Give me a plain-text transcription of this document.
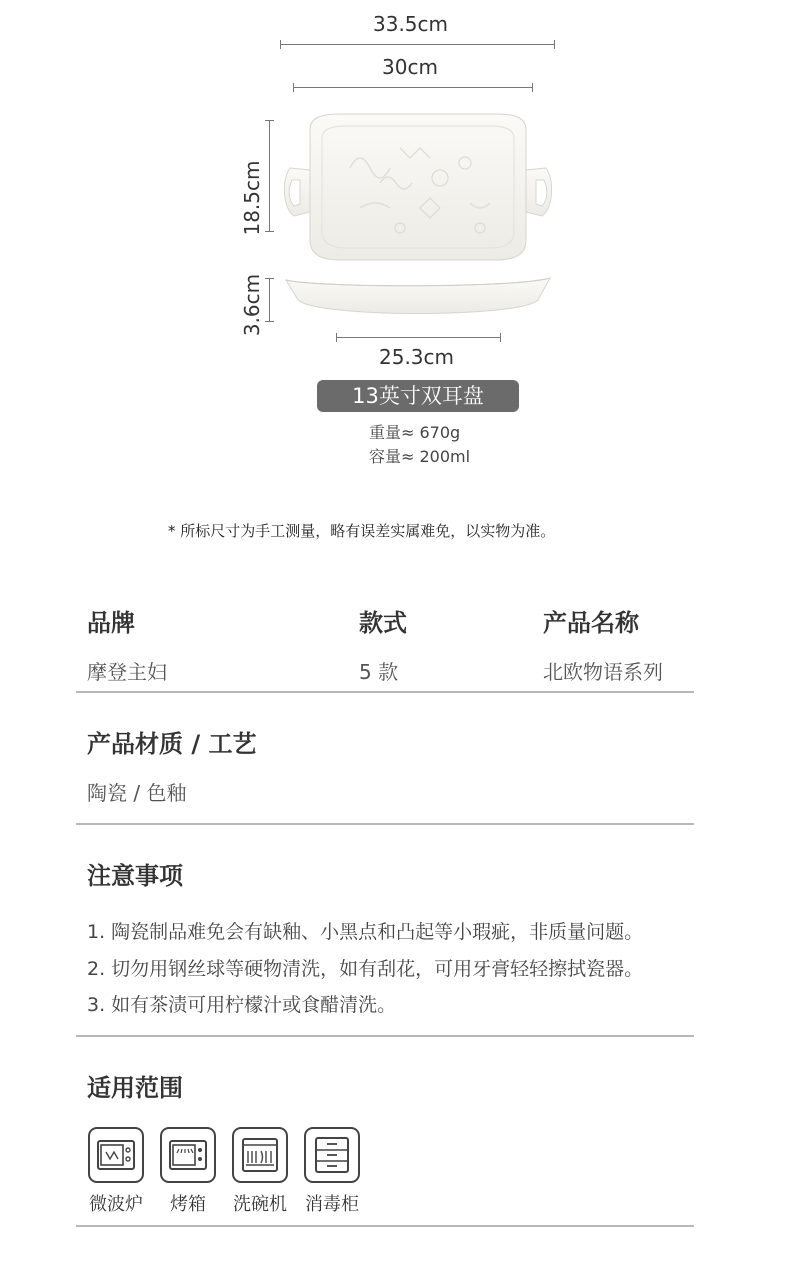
33.5cm
30cm
18.5cm
3.6cm
25.3cm
13英寸双耳盘
重量≈ 670g
容量≈ 200ml
* 所标尺寸为手工测量，略有误差实属难免，以实物为准。
品牌	款式	产品名称
摩登主妇	5 款	北欧物语系列
产品材质 / 工艺
陶瓷 / 色釉
注意事项
1. 陶瓷制品难免会有缺釉、小黑点和凸起等小瑕疵，非质量问题。
2. 切勿用钢丝球等硬物清洗，如有刮花，可用牙膏轻轻擦拭瓷器。
3. 如有茶渍可用柠檬汁或食醋清洗。
适用范围
微波炉	烤箱	洗碗机	消毒柜
